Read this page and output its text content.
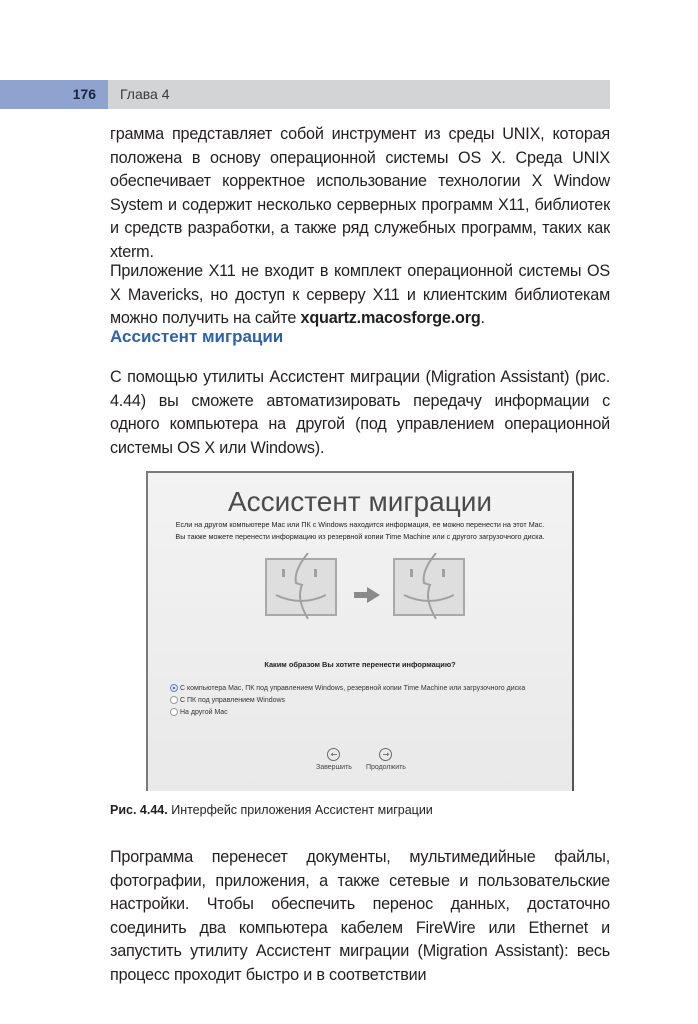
176 Глава 4
грамма представляет собой инструмент из среды UNIX, которая положена в основу операционной системы OS X. Среда UNIX обеспечивает корректное использование технологии X Window System и содержит несколько серверных программ X11, библиотек и средств разработки, а также ряд служебных программ, таких как xterm.
Приложение X11 не входит в комплект операционной системы OS X Mavericks, но доступ к серверу X11 и клиентским библиотекам можно получить на сайте xquartz.macosforge.org.
Ассистент миграции
С помощью утилиты Ассистент миграции (Migration Assistant) (рис. 4.44) вы сможете автоматизировать передачу информации с одного компьютера на другой (под управлением операционной системы OS X или Windows).
Ассистент миграции
Если на другом компьютере Mac или ПК с Windows находится информация, ее можно перенести на этот Mac.
Вы также можете перенести информацию из резервной копии Time Machine или с другого загрузочного диска.
Каким образом Вы хотите перенести информацию?
С компьютера Mac, ПК под управлением Windows, резервной копии Time Machine или загрузочного диска
С ПК под управлением Windows
На другой Mac
←
Завершить
→
Продолжить
Рис. 4.44. Интерфейс приложения Ассистент миграции
Программа перенесет документы, мультимедийные файлы, фотографии, приложения, а также сетевые и пользовательские настройки. Чтобы обеспечить перенос данных, достаточно соединить два компьютера кабелем FireWire или Ethernet и запустить утилиту Ассистент миграции (Migration Assistant): весь процесс проходит быстро и в соответствии
